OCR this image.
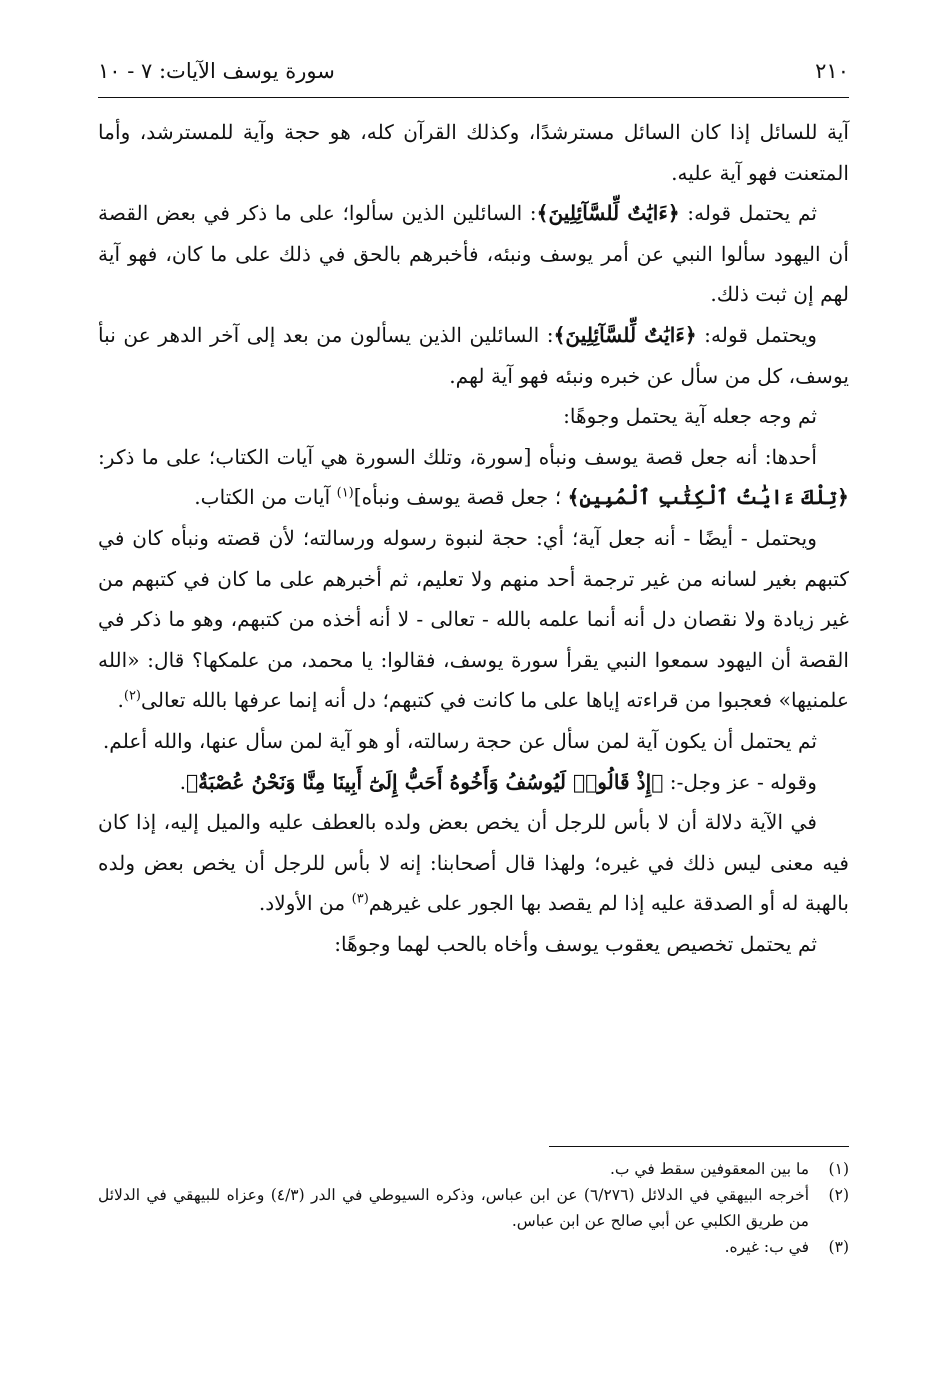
٢١٠
سورة يوسف الآيات: ٧ - ١٠

آية للسائل إذا كان السائل مسترشدًا، وكذلك القرآن كله، هو حجة وآية للمسترشد، وأما المتعنت فهو آية عليه.

ثم يحتمل قوله: ﴿ءَايَٰتٌ لِّلسَّآئِلِينَ﴾: السائلين الذين سألوا؛ على ما ذكر في بعض القصة أن اليهود سألوا النبي عن أمر يوسف ونبئه، فأخبرهم بالحق في ذلك على ما كان، فهو آية لهم إن ثبت ذلك.

ويحتمل قوله: ﴿ءَايَٰتٌ لِّلسَّآئِلِينَ﴾: السائلين الذين يسألون من بعد إلى آخر الدهر عن نبأ يوسف، كل من سأل عن خبره ونبئه فهو آية لهم.

ثم وجه جعله آية يحتمل وجوهًا:

أحدها: أنه جعل قصة يوسف ونبأه [سورة، وتلك السورة هي آيات الكتاب؛ على ما ذكر: ﴿تِلْكَ ءَايَٰتُ ٱلْكِتَٰبِ ٱلْمُبِينِ﴾ ؛ جعل قصة يوسف ونبأه]$^{(١)}$ آيات من الكتاب.

ويحتمل - أيضًا - أنه جعل آية؛ أي: حجة لنبوة رسوله ورسالته؛ لأن قصته ونبأه كان في كتبهم بغير لسانه من غير ترجمة أحد منهم ولا تعليم، ثم أخبرهم على ما كان في كتبهم من غير زيادة ولا نقصان دل أنه أنما علمه بالله - تعالى - لا أنه أخذه من كتبهم، وهو ما ذكر في القصة أن اليهود سمعوا النبي يقرأ سورة يوسف، فقالوا: يا محمد، من علمكها؟ قال: «الله علمنيها» فعجبوا من قراءته إياها على ما كانت في كتبهم؛ دل أنه إنما عرفها بالله تعالى$^{(٢)}$.

ثم يحتمل أن يكون آية لمن سأل عن حجة رسالته، أو هو آية لمن سأل عنها، والله أعلم.

وقوله - عز وجل-: ﴿إِذْ قَالُوا۟ لَيُوسُفُ وَأَخُوهُ أَحَبُّ إِلَىٰٓ أَبِينَا مِنَّا وَنَحْنُ عُصْبَةٌ﴾.

في الآية دلالة أن لا بأس للرجل أن يخص بعض ولده بالعطف عليه والميل إليه، إذا كان فيه معنى ليس ذلك في غيره؛ ولهذا قال أصحابنا: إنه لا بأس للرجل أن يخص بعض ولده بالهبة له أو الصدقة عليه إذا لم يقصد بها الجور على غيرهم$^{(٣)}$ من الأولاد.

ثم يحتمل تخصيص يعقوب يوسف وأخاه بالحب لهما وجوهًا:

(١)
ما بين المعقوفين سقط في ب.
(٢)
أخرجه البيهقي في الدلائل (٦/٢٧٦) عن ابن عباس، وذكره السيوطي في الدر (٤/٣) وعزاه للبيهقي في الدلائل من طريق الكلبي عن أبي صالح عن ابن عباس.
(٣)
في ب: غيره.
